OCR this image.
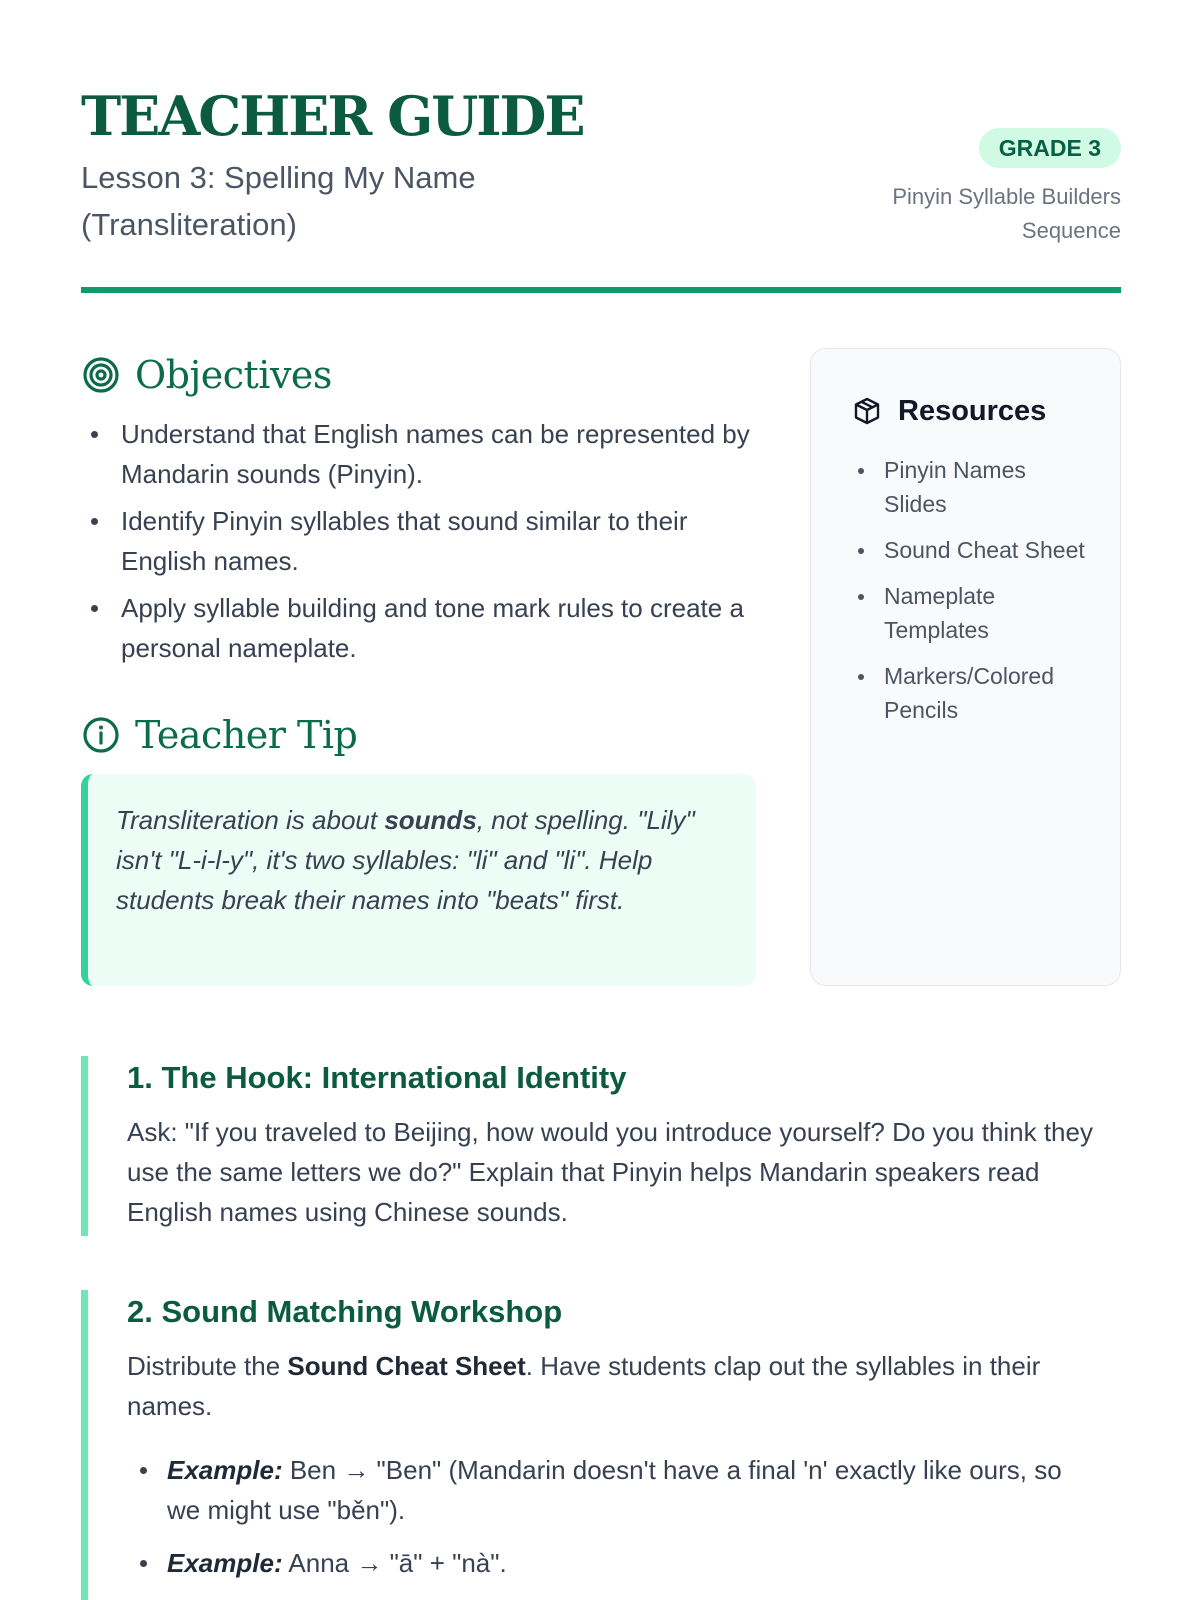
TEACHER GUIDE
Lesson 3: Spelling My Name (Transliteration)
GRADE 3
Pinyin Syllable Builders Sequence
Objectives
Understand that English names can be represented by Mandarin sounds (Pinyin).
Identify Pinyin syllables that sound similar to their English names.
Apply syllable building and tone mark rules to create a personal nameplate.
Teacher Tip
Transliteration is about sounds, not spelling. "Lily" isn't "L-i-l-y", it's two syllables: "li" and "li". Help students break their names into "beats" first.
Resources
Pinyin Names Slides
Sound Cheat Sheet
Nameplate Templates
Markers/Colored Pencils
1. The Hook: International Identity
Ask: "If you traveled to Beijing, how would you introduce yourself? Do you think they use the same letters we do?" Explain that Pinyin helps Mandarin speakers read English names using Chinese sounds.
2. Sound Matching Workshop
Distribute the Sound Cheat Sheet. Have students clap out the syllables in their names.
Example: Ben → "Ben" (Mandarin doesn't have a final 'n' exactly like ours, so we might use "běn").
Example: Anna → "ā" + "nà".
